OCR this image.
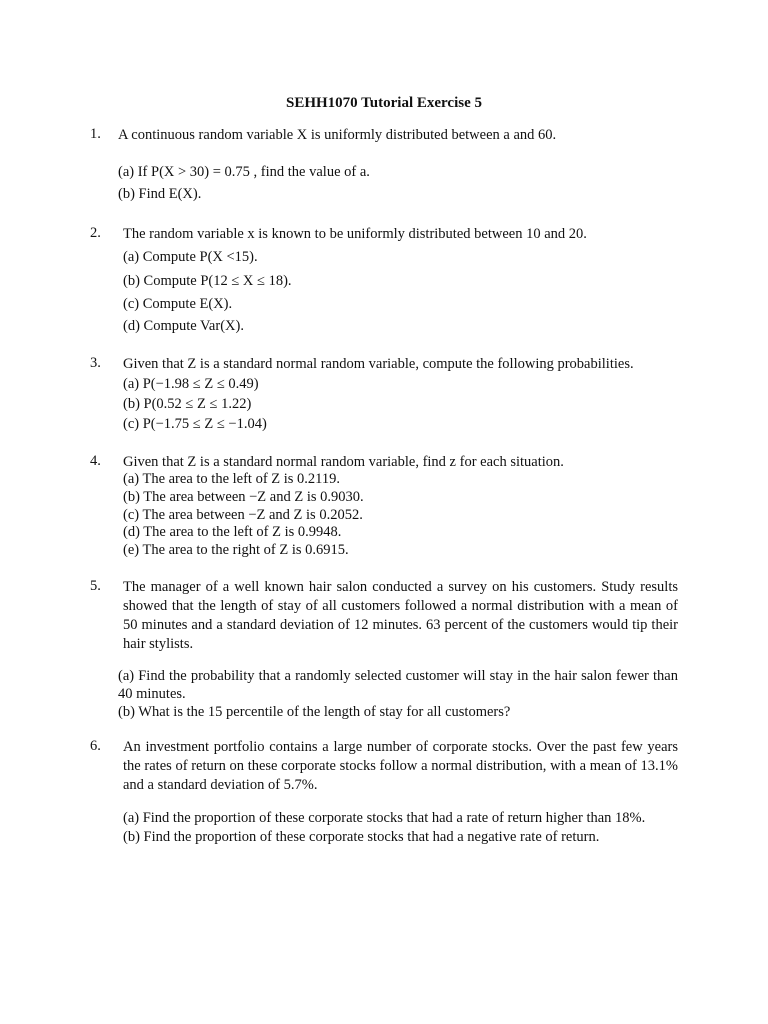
SEHH1070 Tutorial Exercise 5
1. A continuous random variable X is uniformly distributed between a and 60.
(a) If P(X > 30) = 0.75 , find the value of a.
(b) Find E(X).
2. The random variable x is known to be uniformly distributed between 10 and 20.
(a) Compute P(X <15).
(b) Compute P(12 ≤ X ≤ 18).
(c) Compute E(X).
(d) Compute Var(X).
3. Given that Z is a standard normal random variable, compute the following probabilities.
(a) P(−1.98 ≤ Z ≤ 0.49)
(b) P(0.52 ≤ Z ≤ 1.22)
(c) P(−1.75 ≤ Z ≤ −1.04)
4. Given that Z is a standard normal random variable, find z for each situation.
(a) The area to the left of Z is 0.2119.
(b) The area between −Z and Z is 0.9030.
(c) The area between −Z and Z is 0.2052.
(d) The area to the left of Z is 0.9948.
(e) The area to the right of Z is 0.6915.
5. The manager of a well known hair salon conducted a survey on his customers. Study results showed that the length of stay of all customers followed a normal distribution with a mean of 50 minutes and a standard deviation of 12 minutes. 63 percent of the customers would tip their hair stylists.
(a) Find the probability that a randomly selected customer will stay in the hair salon fewer than 40 minutes.
(b) What is the 15 percentile of the length of stay for all customers?
6. An investment portfolio contains a large number of corporate stocks. Over the past few years the rates of return on these corporate stocks follow a normal distribution, with a mean of 13.1% and a standard deviation of 5.7%.
(a) Find the proportion of these corporate stocks that had a rate of return higher than 18%.
(b) Find the proportion of these corporate stocks that had a negative rate of return.
